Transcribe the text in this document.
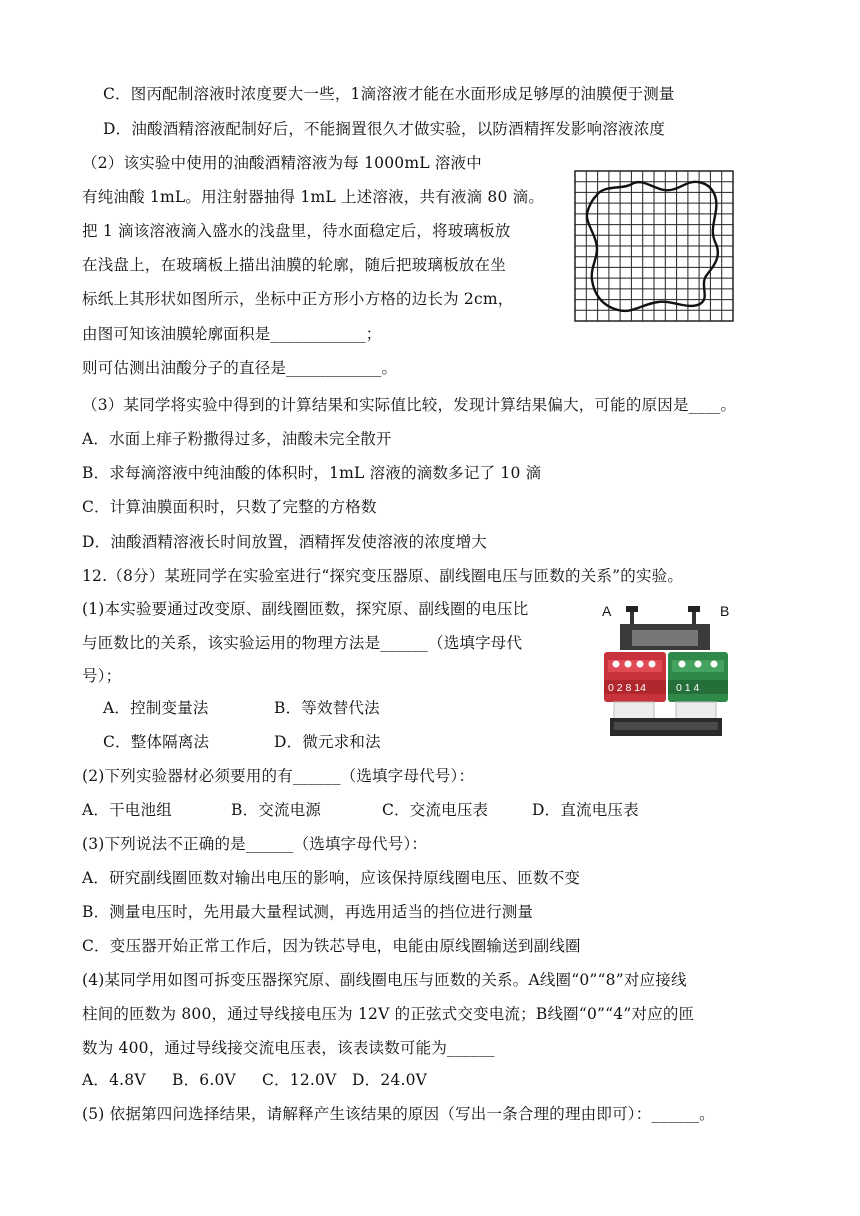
C．图丙配制溶液时浓度要大一些，1滴溶液才能在水面形成足够厚的油膜便于测量
D．油酸酒精溶液配制好后，不能搁置很久才做实验，以防酒精挥发影响溶液浓度
（2）该实验中使用的油酸酒精溶液为每 1000mL 溶液中
有纯油酸 1mL。用注射器抽得 1mL 上述溶液，共有液滴 80 滴。
把 1 滴该溶液滴入盛水的浅盘里，待水面稳定后，将玻璃板放
在浅盘上，在玻璃板上描出油膜的轮廓，随后把玻璃板放在坐
标纸上其形状如图所示，坐标中正方形小方格的边长为 2cm，
由图可知该油膜轮廓面积是____________；
则可估测出油酸分子的直径是____________。
（3）某同学将实验中得到的计算结果和实际值比较，发现计算结果偏大，可能的原因是____。
A．水面上痱子粉撒得过多，油酸未完全散开
B．求每滴溶液中纯油酸的体积时，1mL 溶液的滴数多记了 10 滴
C．计算油膜面积时，只数了完整的方格数
D．油酸酒精溶液长时间放置，酒精挥发使溶液的浓度增大
12.（8分）某班同学在实验室进行“探究变压器原、副线圈电压与匝数的关系”的实验。
(1)本实验要通过改变原、副线圈匝数，探究原、副线圈的电压比
与匝数比的关系，该实验运用的物理方法是______（选填字母代
号）；
A．控制变量法	B．等效替代法
C．整体隔离法	D．微元求和法
A	B
0 2 8 14	0 1 4
(2)下列实验器材必须要用的有______（选填字母代号）：
A．干电池组	B．交流电源	C．交流电压表	D．直流电压表
(3)下列说法不正确的是______（选填字母代号）：
A．研究副线圈匝数对输出电压的影响，应该保持原线圈电压、匝数不变
B．测量电压时，先用最大量程试测，再选用适当的挡位进行测量
C．变压器开始正常工作后，因为铁芯导电，电能由原线圈输送到副线圈
(4)某同学用如图可拆变压器探究原、副线圈电压与匝数的关系。A线圈“0”“8”对应接线
柱间的匝数为 800，通过导线接电压为 12V 的正弦式交变电流；B线圈“0”“4”对应的匝
数为 400，通过导线接交流电压表，该表读数可能为______
A．4.8V B．6.0V C．12.0V D．24.0V
(5) 依据第四问选择结果，请解释产生该结果的原因（写出一条合理的理由即可）：______。
